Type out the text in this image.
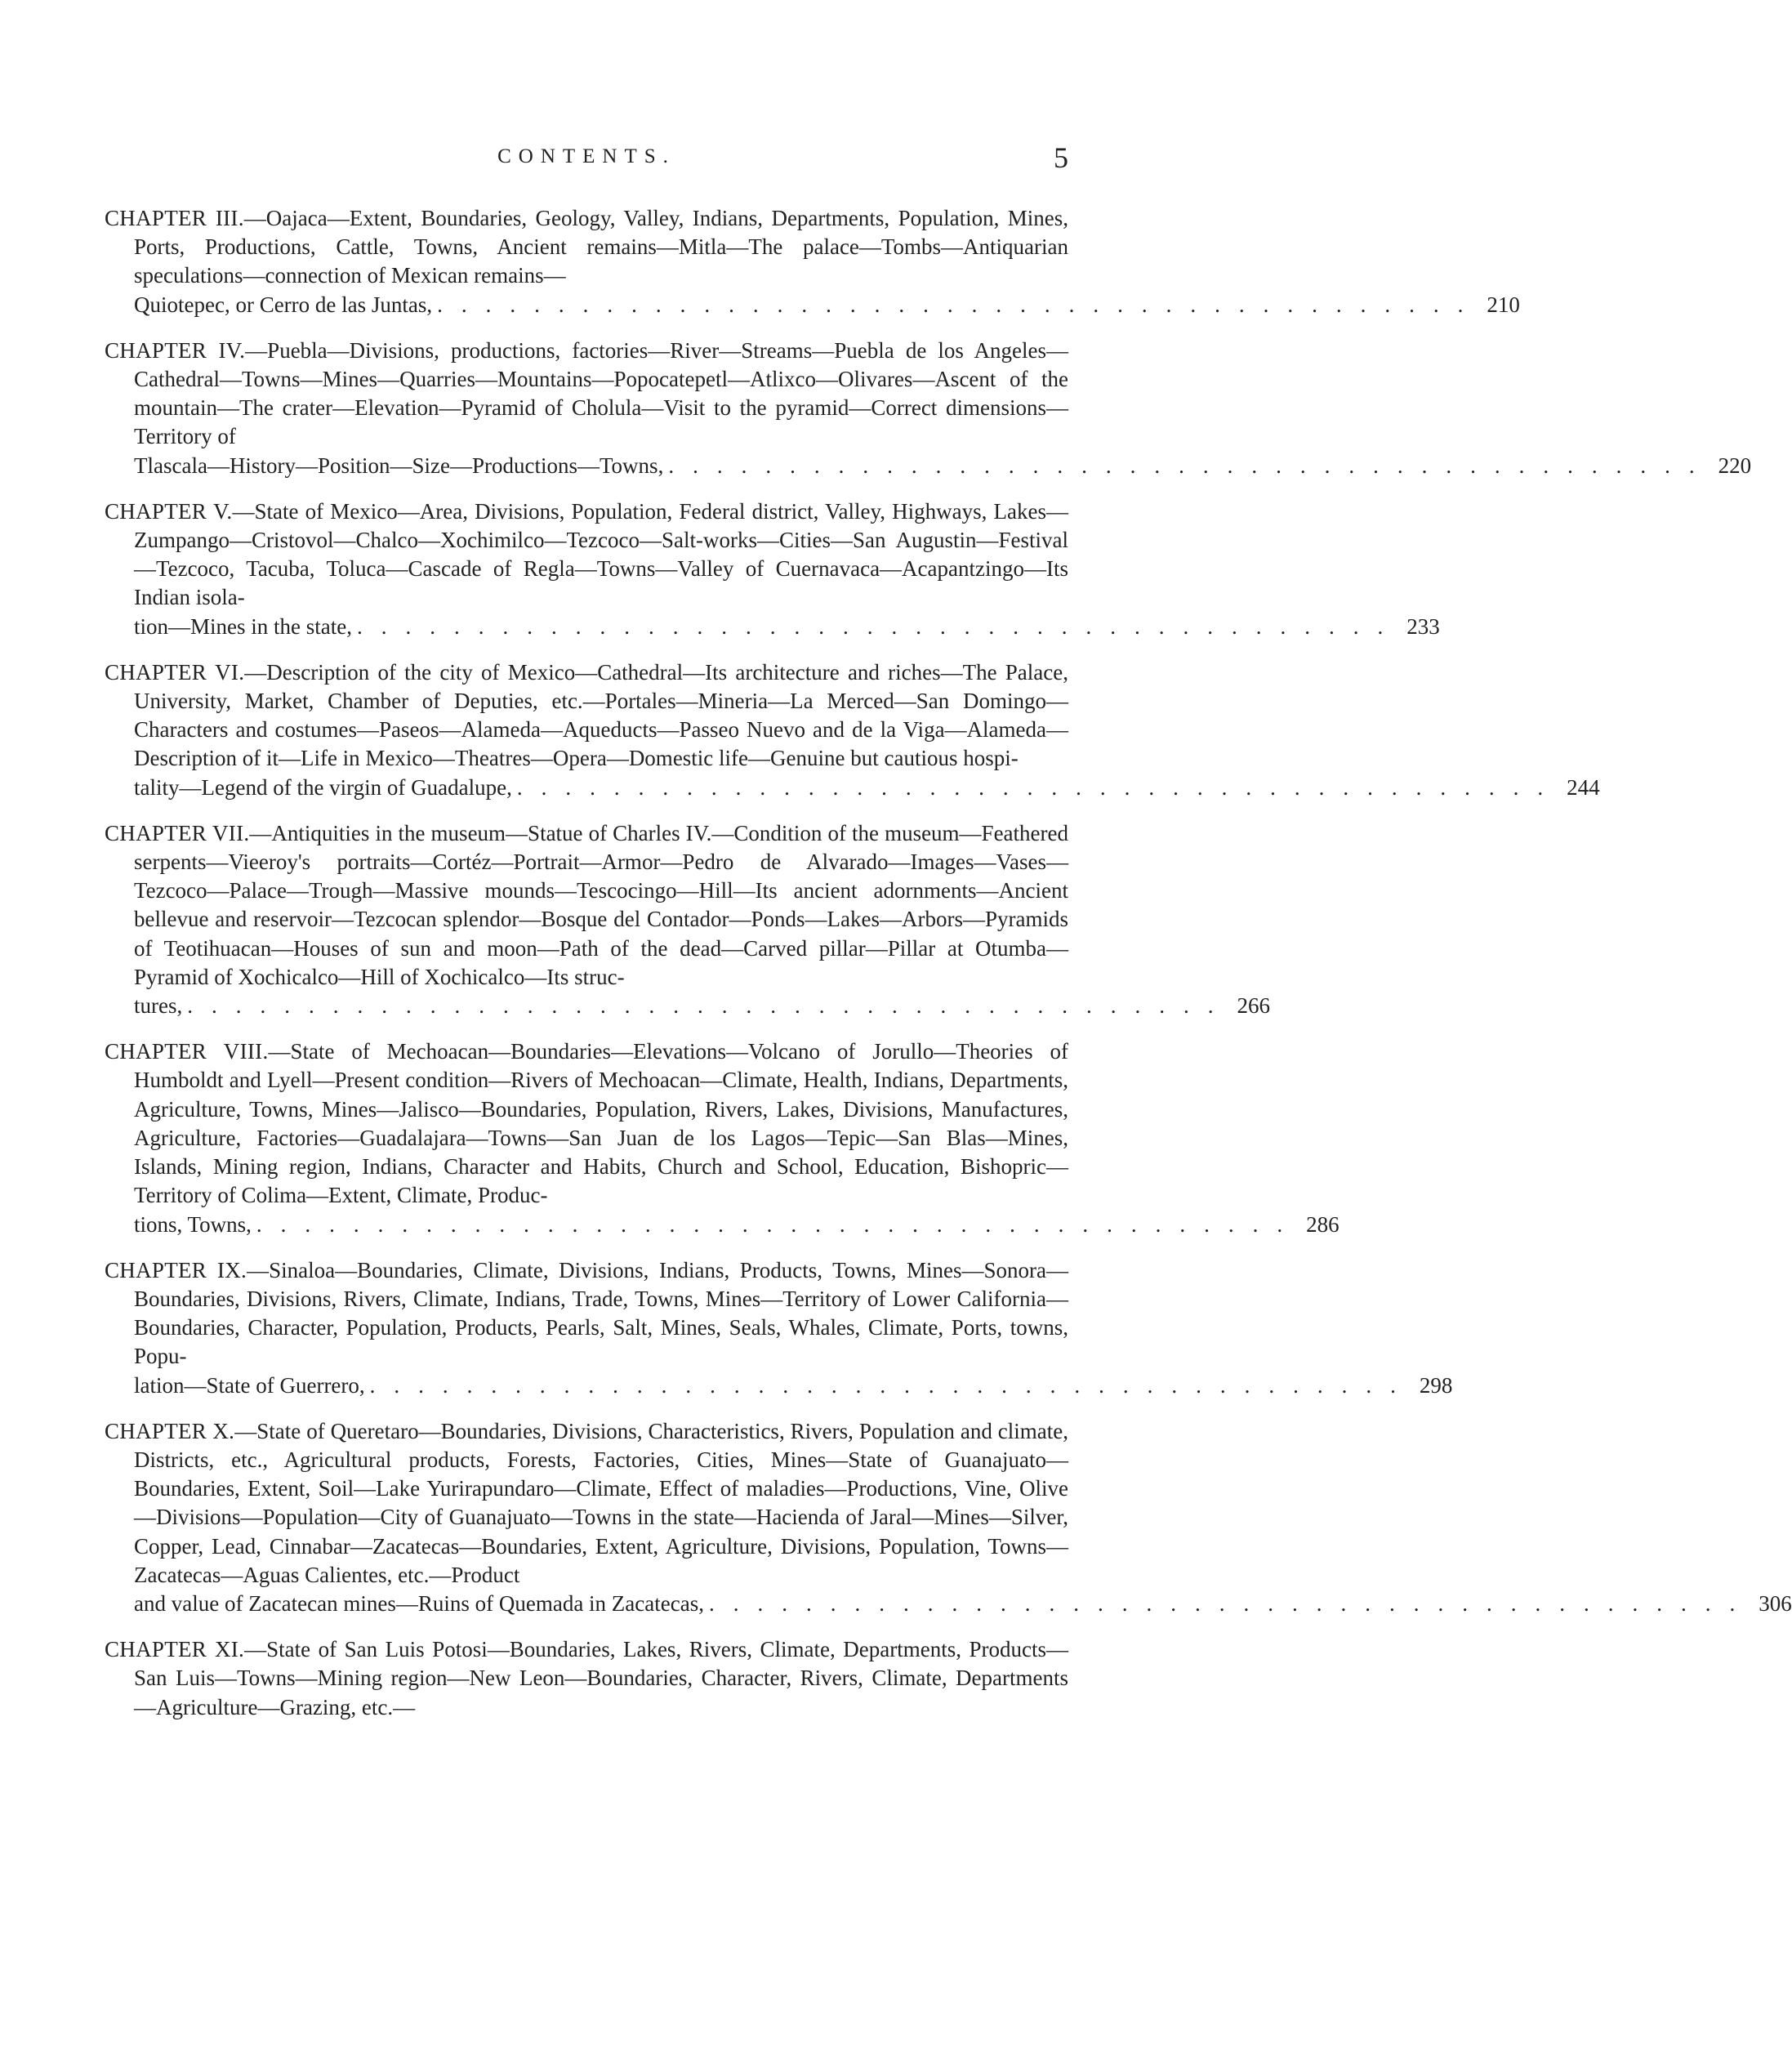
CONTENTS.	5

CHAPTER III.—Oajaca—Extent, Boundaries, Geology, Valley, Indians, Departments, Population, Mines, Ports, Productions, Cattle, Towns, Ancient remains—Mitla—The palace—Tombs—Antiquarian speculations—connection of Mexican remains—
Quiotepec, or Cerro de las Juntas, ........................................... 210

CHAPTER IV.—Puebla—Divisions, productions, factories—River—Streams—Puebla de los Angeles—Cathedral—Towns—Mines—Quarries—Mountains—Popocatepetl—Atlixco—Olivares—Ascent of the mountain—The crater—Elevation—Pyramid of Cholula—Visit to the pyramid—Correct dimensions—Territory of
Tlascala—History—Position—Size—Productions—Towns, ........................................... 220

CHAPTER V.—State of Mexico—Area, Divisions, Population, Federal district, Valley, Highways, Lakes—Zumpango—Cristovol—Chalco—Xochimilco—Tezcoco—Salt-works—Cities—San Augustin—Festival—Tezcoco, Tacuba, Toluca—Cascade of Regla—Towns—Valley of Cuernavaca—Acapantzingo—Its Indian isola-
tion—Mines in the state, ........................................... 233

CHAPTER VI.—Description of the city of Mexico—Cathedral—Its architecture and riches—The Palace, University, Market, Chamber of Deputies, etc.—Portales—Mineria—La Merced—San Domingo—Characters and costumes—Paseos—Alameda—Aqueducts—Passeo Nuevo and de la Viga—Alameda—Description of it—Life in Mexico—Theatres—Opera—Domestic life—Genuine but cautious hospi-
tality—Legend of the virgin of Guadalupe, ........................................... 244

CHAPTER VII.—Antiquities in the museum—Statue of Charles IV.—Condition of the museum—Feathered serpents—Vieeroy's portraits—Cortéz—Portrait—Armor—Pedro de Alvarado—Images—Vases—Tezcoco—Palace—Trough—Massive mounds—Tescocingo—Hill—Its ancient adornments—Ancient bellevue and reservoir—Tezcocan splendor—Bosque del Contador—Ponds—Lakes—Arbors—Pyramids of Teotihuacan—Houses of sun and moon—Path of the dead—Carved pillar—Pillar at Otumba—Pyramid of Xochicalco—Hill of Xochicalco—Its struc-
tures, ........................................... 266

CHAPTER VIII.—State of Mechoacan—Boundaries—Elevations—Volcano of Jorullo—Theories of Humboldt and Lyell—Present condition—Rivers of Mechoacan—Climate, Health, Indians, Departments, Agriculture, Towns, Mines—Jalisco—Boundaries, Population, Rivers, Lakes, Divisions, Manufactures, Agriculture, Factories—Guadalajara—Towns—San Juan de los Lagos—Tepic—San Blas—Mines, Islands, Mining region, Indians, Character and Habits, Church and School, Education, Bishopric—Territory of Colima—Extent, Climate, Produc-
tions, Towns, ........................................... 286

CHAPTER IX.—Sinaloa—Boundaries, Climate, Divisions, Indians, Products, Towns, Mines—Sonora—Boundaries, Divisions, Rivers, Climate, Indians, Trade, Towns, Mines—Territory of Lower California—Boundaries, Character, Population, Products, Pearls, Salt, Mines, Seals, Whales, Climate, Ports, towns, Popu-
lation—State of Guerrero, ........................................... 298

CHAPTER X.—State of Queretaro—Boundaries, Divisions, Characteristics, Rivers, Population and climate, Districts, etc., Agricultural products, Forests, Factories, Cities, Mines—State of Guanajuato—Boundaries, Extent, Soil—Lake Yurirapundaro—Climate, Effect of maladies—Productions, Vine, Olive—Divisions—Population—City of Guanajuato—Towns in the state—Hacienda of Jaral—Mines—Silver, Copper, Lead, Cinnabar—Zacatecas—Boundaries, Extent, Agriculture, Divisions, Population, Towns—Zacatecas—Aguas Calientes, etc.—Product
and value of Zacatecan mines—Ruins of Quemada in Zacatecas, ........................................... 306

CHAPTER XI.—State of San Luis Potosi—Boundaries, Lakes, Rivers, Climate, Departments, Products—San Luis—Towns—Mining region—New Leon—Boundaries, Character, Rivers, Climate, Departments—Agriculture—Grazing, etc.—
